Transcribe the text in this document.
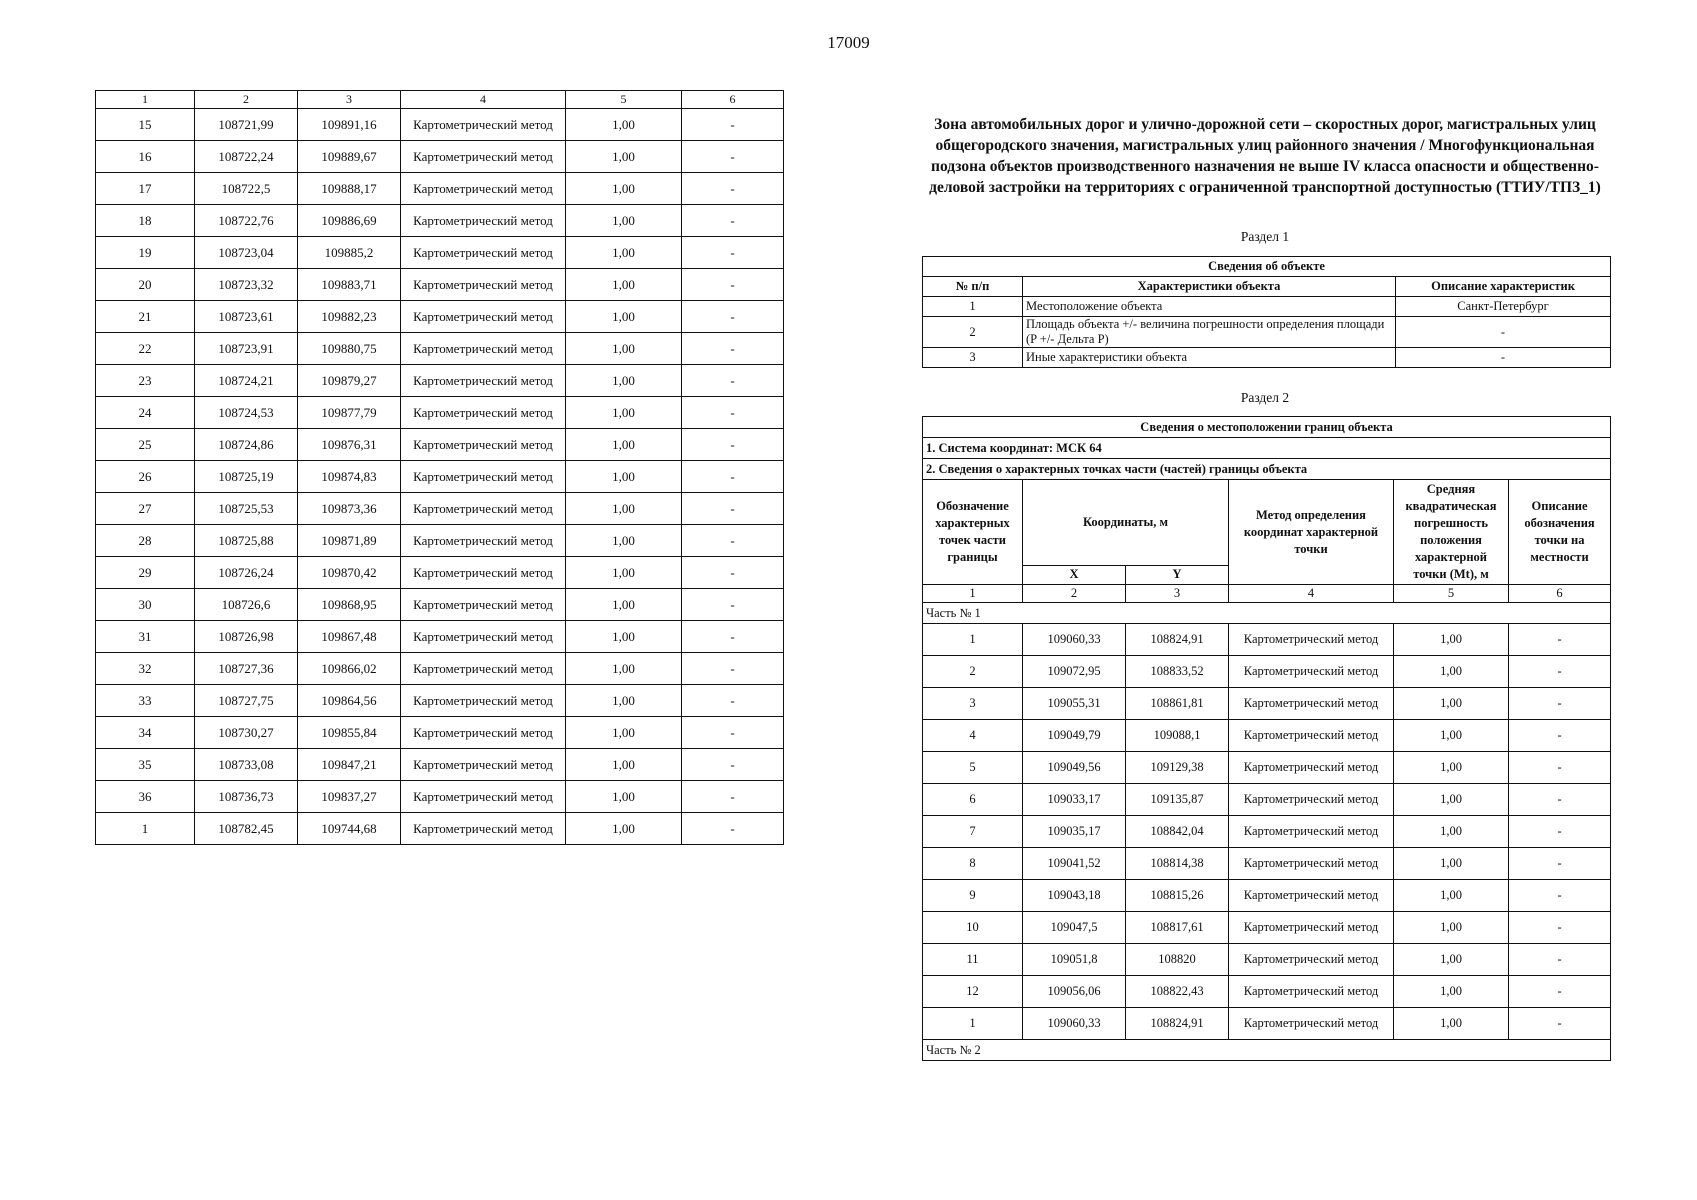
17009
1	2	3	4	5	6
15	108721,99	109891,16	Картометрический метод	1,00	-
16	108722,24	109889,67	Картометрический метод	1,00	-
17	108722,5	109888,17	Картометрический метод	1,00	-
18	108722,76	109886,69	Картометрический метод	1,00	-
19	108723,04	109885,2	Картометрический метод	1,00	-
20	108723,32	109883,71	Картометрический метод	1,00	-
21	108723,61	109882,23	Картометрический метод	1,00	-
22	108723,91	109880,75	Картометрический метод	1,00	-
23	108724,21	109879,27	Картометрический метод	1,00	-
24	108724,53	109877,79	Картометрический метод	1,00	-
25	108724,86	109876,31	Картометрический метод	1,00	-
26	108725,19	109874,83	Картометрический метод	1,00	-
27	108725,53	109873,36	Картометрический метод	1,00	-
28	108725,88	109871,89	Картометрический метод	1,00	-
29	108726,24	109870,42	Картометрический метод	1,00	-
30	108726,6	109868,95	Картометрический метод	1,00	-
31	108726,98	109867,48	Картометрический метод	1,00	-
32	108727,36	109866,02	Картометрический метод	1,00	-
33	108727,75	109864,56	Картометрический метод	1,00	-
34	108730,27	109855,84	Картометрический метод	1,00	-
35	108733,08	109847,21	Картометрический метод	1,00	-
36	108736,73	109837,27	Картометрический метод	1,00	-
1	108782,45	109744,68	Картометрический метод	1,00	-
Зона автомобильных дорог и улично-дорожной сети – скоростных дорог, магистральных улиц общегородского значения, магистральных улиц районного значения / Многофункциональная подзона объектов производственного назначения не выше IV класса опасности и общественно-деловой застройки на территориях с ограниченной транспортной доступностью (ТТИУ/ТПЗ_1)
Раздел 1
Сведения об объекте		
№ п/п	Характеристики объекта	Описание характеристик
1	Местоположение объекта	Санкт-Петербург
2	Площадь объекта +/- величина погрешности определения площади (P +/- Дельта P)	-
3	Иные характеристики объекта	-
Раздел 2
Сведения о местоположении границ объекта					
1. Система координат: МСК 64					
2. Сведения о характерных точках части (частей) границы объекта					
Обозначение характерных точек части границы	Координаты, м		Метод определения координат характерной точки	Средняя квадратическая погрешность положения характерной точки (Mt), м	Описание обозначения точки на местности
	X	Y			
1	2	3	4	5	6
Часть № 1					
1	109060,33	108824,91	Картометрический метод	1,00	-
2	109072,95	108833,52	Картометрический метод	1,00	-
3	109055,31	108861,81	Картометрический метод	1,00	-
4	109049,79	109088,1	Картометрический метод	1,00	-
5	109049,56	109129,38	Картометрический метод	1,00	-
6	109033,17	109135,87	Картометрический метод	1,00	-
7	109035,17	108842,04	Картометрический метод	1,00	-
8	109041,52	108814,38	Картометрический метод	1,00	-
9	109043,18	108815,26	Картометрический метод	1,00	-
10	109047,5	108817,61	Картометрический метод	1,00	-
11	109051,8	108820	Картометрический метод	1,00	-
12	109056,06	108822,43	Картометрический метод	1,00	-
1	109060,33	108824,91	Картометрический метод	1,00	-
Часть № 2					
